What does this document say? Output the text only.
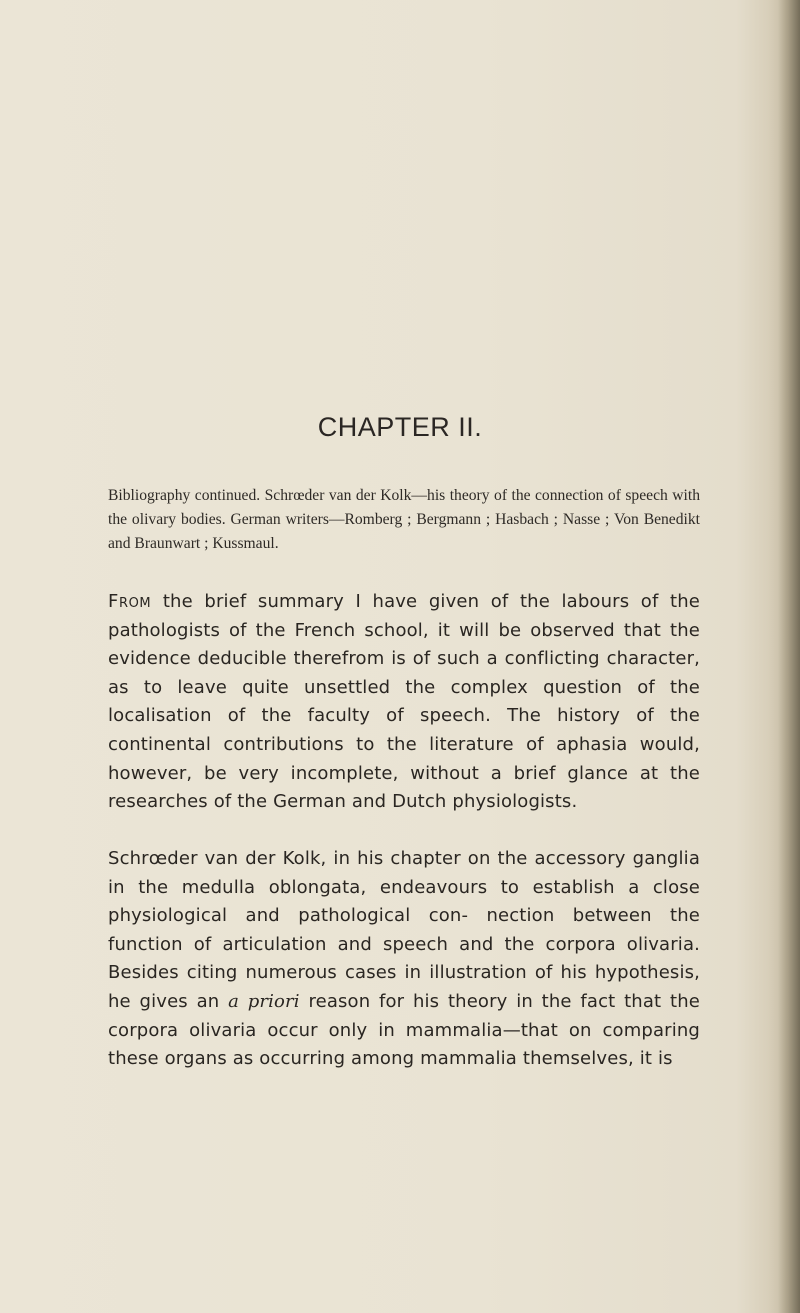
CHAPTER II.

Bibliography continued. Schrœder van der Kolk—his theory of the connection of speech with the olivary bodies. German writers—Romberg ; Bergmann ; Hasbach ; Nasse ; Von Benedikt and Braunwart ; Kussmaul.

From the brief summary I have given of the labours of the pathologists of the French school, it will be observed that the evidence deducible therefrom is of such a conflicting character, as to leave quite unsettled the complex question of the localisation of the faculty of speech. The history of the continental contributions to the literature of aphasia would, however, be very incomplete, without a brief glance at the researches of the German and Dutch physiologists.

Schrœder van der Kolk, in his chapter on the accessory ganglia in the medulla oblongata, endeavours to establish a close physiological and pathological con- nection between the function of articulation and speech and the corpora olivaria. Besides citing numerous cases in illustration of his hypothesis, he gives an a priori reason for his theory in the fact that the corpora olivaria occur only in mammalia—that on comparing these organs as occurring among mammalia themselves, it is
